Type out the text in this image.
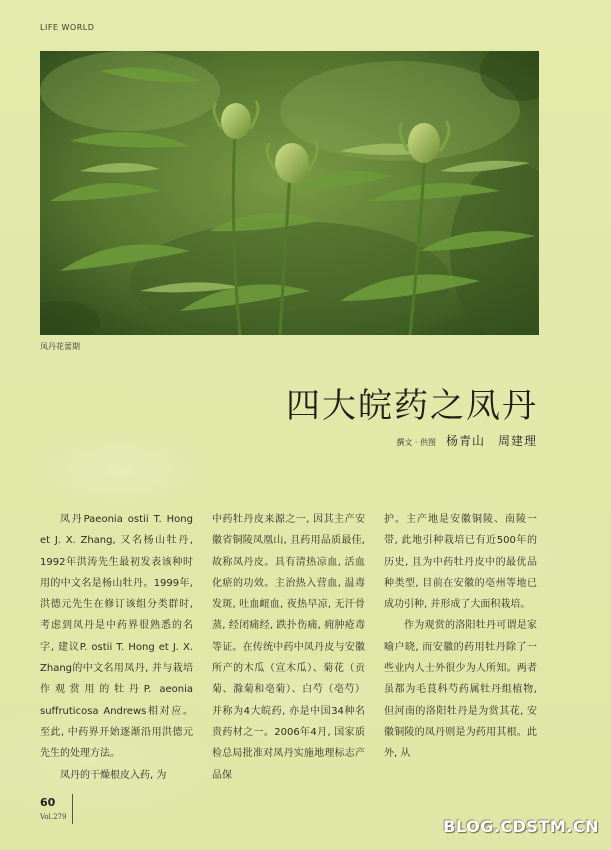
LIFE WORLD
凤丹花蕾期
四大皖药之凤丹
撰文 · 供图 杨青山　周建理

凤丹Paeonia ostii T. Hong et J. X. Zhang, 又名杨山牡丹, 1992年洪涛先生最初发表该种时用的中文名是杨山牡丹。1999年, 洪德元先生在修订该组分类群时, 考虑到凤丹是中药界很熟悉的名字, 建议P. ostii T. Hong et J. X. Zhang的中文名用凤丹, 并与栽培作观赏用的牡丹P. aeonia suffruticosa Andrews相对应。至此, 中药界开始逐渐沿用洪德元先生的处理方法。

凤丹的干燥根皮入药, 为

中药牡丹皮来源之一, 因其主产安徽省铜陵凤凰山, 且药用品质最佳, 故称凤丹皮。具有清热凉血, 活血化瘀的功效。主治热入营血, 温毒发斑, 吐血衄血, 夜热早凉, 无汗骨蒸, 经闭痛经, 跌扑伤痛, 痈肿疮毒等证。在传统中药中凤丹皮与安徽所产的木瓜（宣木瓜）、菊花（贡菊、滁菊和亳菊）、白芍（亳芍）并称为4大皖药, 亦是中国34种名贵药材之一。2006年4月, 国家质检总局批准对凤丹实施地理标志产品保

护。主产地是安徽铜陵、南陵一带, 此地引种栽培已有近500年的历史, 且为中药牡丹皮中的最优品种类型, 目前在安徽的亳州等地已成功引种, 并形成了大面积栽培。

作为观赏的洛阳牡丹可谓是家喻户晓, 而安徽的药用牡丹除了一些业内人士外很少为人所知。两者虽都为毛茛科芍药属牡丹组植物, 但河南的洛阳牡丹是为赏其花, 安徽铜陵的凤丹则是为药用其根。此外, 从

60
Vol.279	BLOG.CDSTM.CN
